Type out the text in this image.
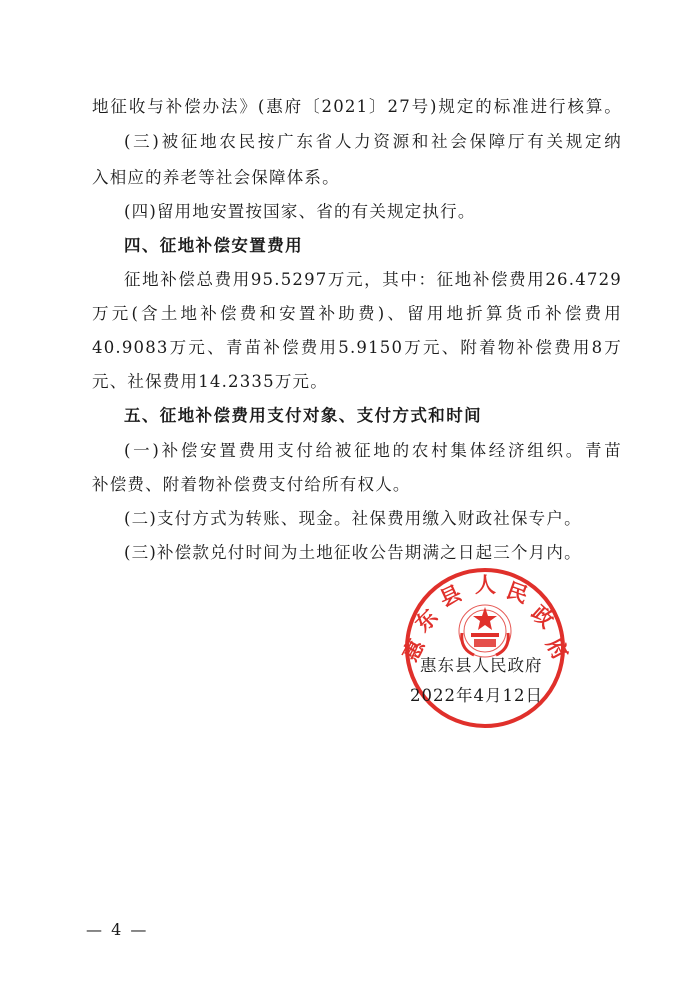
地征收与补偿办法》(惠府〔2021〕27号)规定的标准进行核算。
(三)被征地农民按广东省人力资源和社会保障厅有关规定纳
入相应的养老等社会保障体系。
(四)留用地安置按国家、省的有关规定执行。
四、征地补偿安置费用
征地补偿总费用95.5297万元，其中：征地补偿费用26.4729
万元(含土地补偿费和安置补助费)、留用地折算货币补偿费用
40.9083万元、青苗补偿费用5.9150万元、附着物补偿费用8万
元、社保费用14.2335万元。
五、征地补偿费用支付对象、支付方式和时间
(一)补偿安置费用支付给被征地的农村集体经济组织。青苗
补偿费、附着物补偿费支付给所有权人。
(二)支付方式为转账、现金。社保费用缴入财政社保专户。
(三)补偿款兑付时间为土地征收公告期满之日起三个月内。
惠
东
县 人 民
政
府
惠东县人民政府
2022年4月12日
— 4 —
